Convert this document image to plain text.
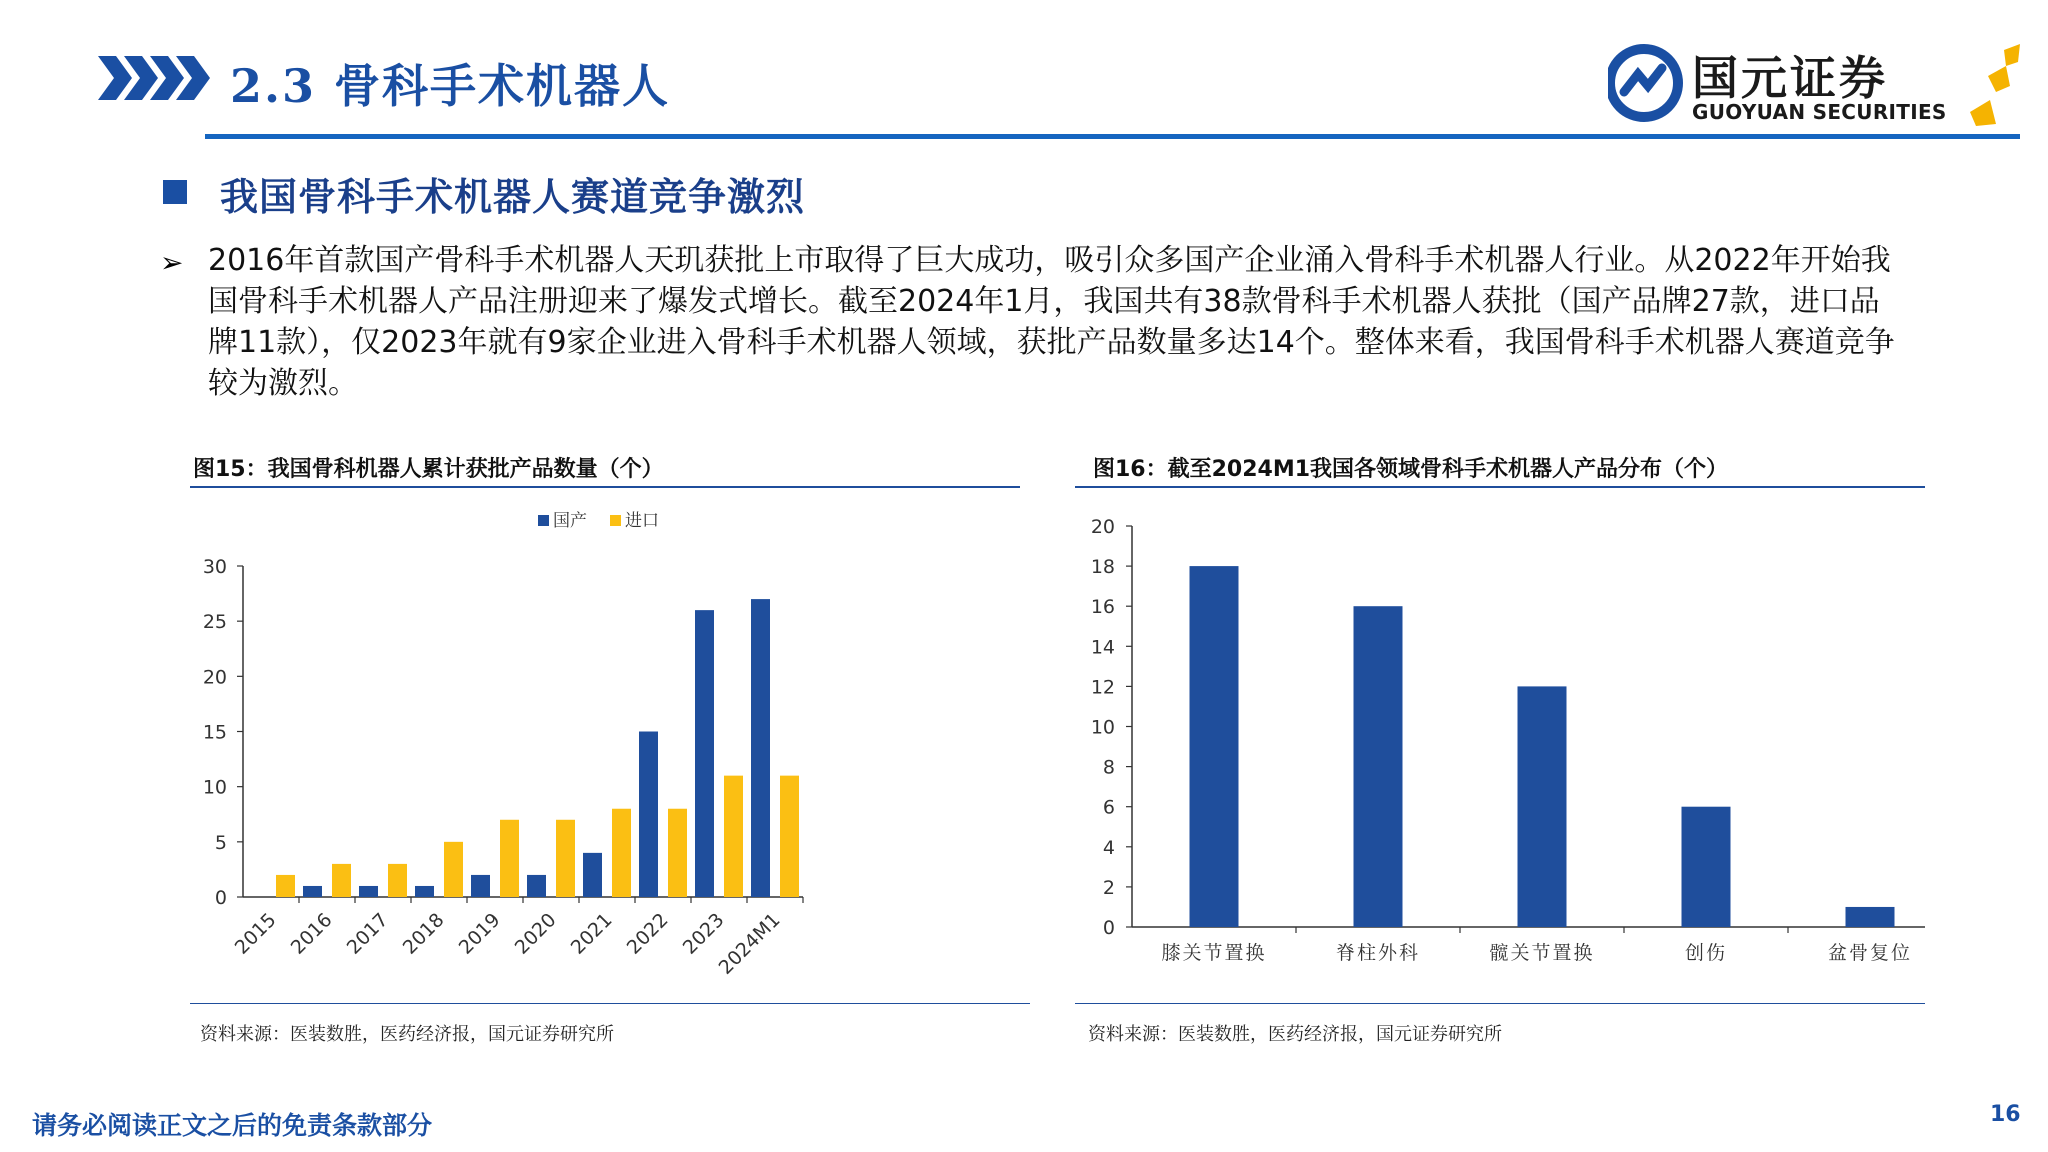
2.3 骨科手术机器人	国元证券
GUOYUAN SECURITIES
我国骨科手术机器人赛道竞争激烈
➢ 2016年首款国产骨科手术机器人天玑获批上市取得了巨大成功，吸引众多国产企业涌入骨科手术机器人行业。从2022年开始我国骨科手术机器人产品注册迎来了爆发式增长。截至2024年1月，我国共有38款骨科手术机器人获批（国产品牌27款，进口品牌11款），仅2023年就有9家企业进入骨科手术机器人领域，获批产品数量多达14个。整体来看，我国骨科手术机器人赛道竞争较为激烈。
图15：我国骨科机器人累计获批产品数量（个）
0
5
10
15
20
25
30
2015 2016 2017 2018 2019 2020 2021 2022 2023
2024M1
国产 进口
资料来源：医装数胜，医药经济报，国元证券研究所
图16：截至2024M1我国各领域骨科手术机器人产品分布（个）
0
2
4
6
8
10
12
14
16
18
20
膝关节置换	脊柱外科	髋关节置换	创伤	盆骨复位
资料来源：医装数胜，医药经济报，国元证券研究所
请务必阅读正文之后的免责条款部分	16
